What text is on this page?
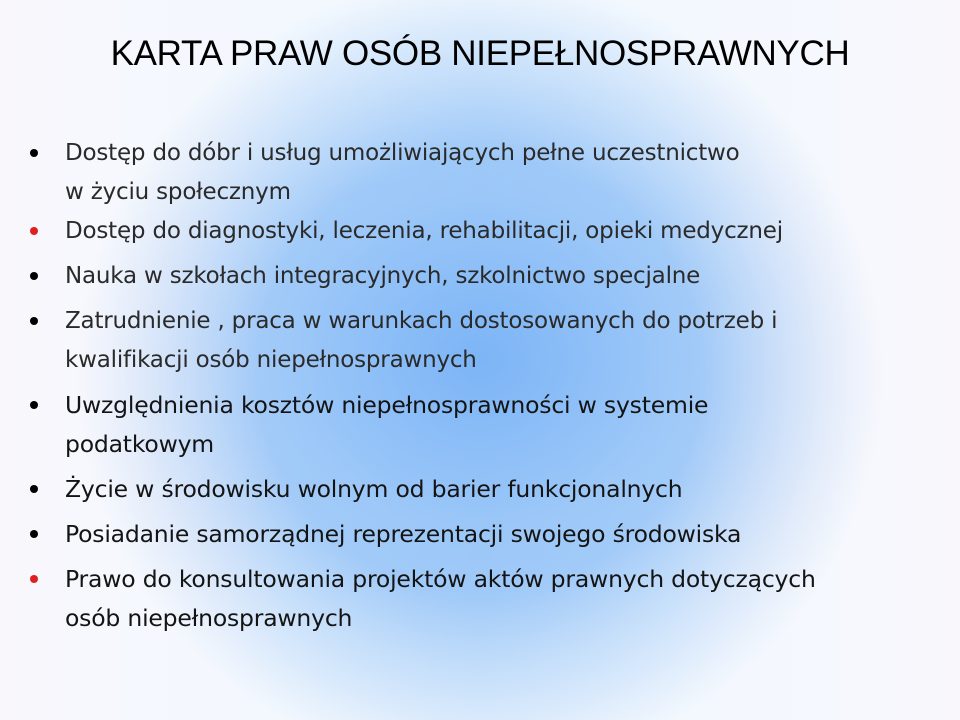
KARTA PRAW OSÓB NIEPEŁNOSPRAWNYCH
Dostęp do dóbr i usług umożliwiających pełne uczestnictwo
w życiu społecznym
Dostęp do diagnostyki, leczenia, rehabilitacji, opieki medycznej
Nauka w szkołach integracyjnych, szkolnictwo specjalne
Zatrudnienie , praca w warunkach dostosowanych do potrzeb i
kwalifikacji osób niepełnosprawnych
Uwzględnienia kosztów niepełnosprawności w systemie
podatkowym
Życie w środowisku wolnym od barier funkcjonalnych
Posiadanie samorządnej reprezentacji swojego środowiska
Prawo do konsultowania projektów aktów prawnych dotyczących
osób niepełnosprawnych
